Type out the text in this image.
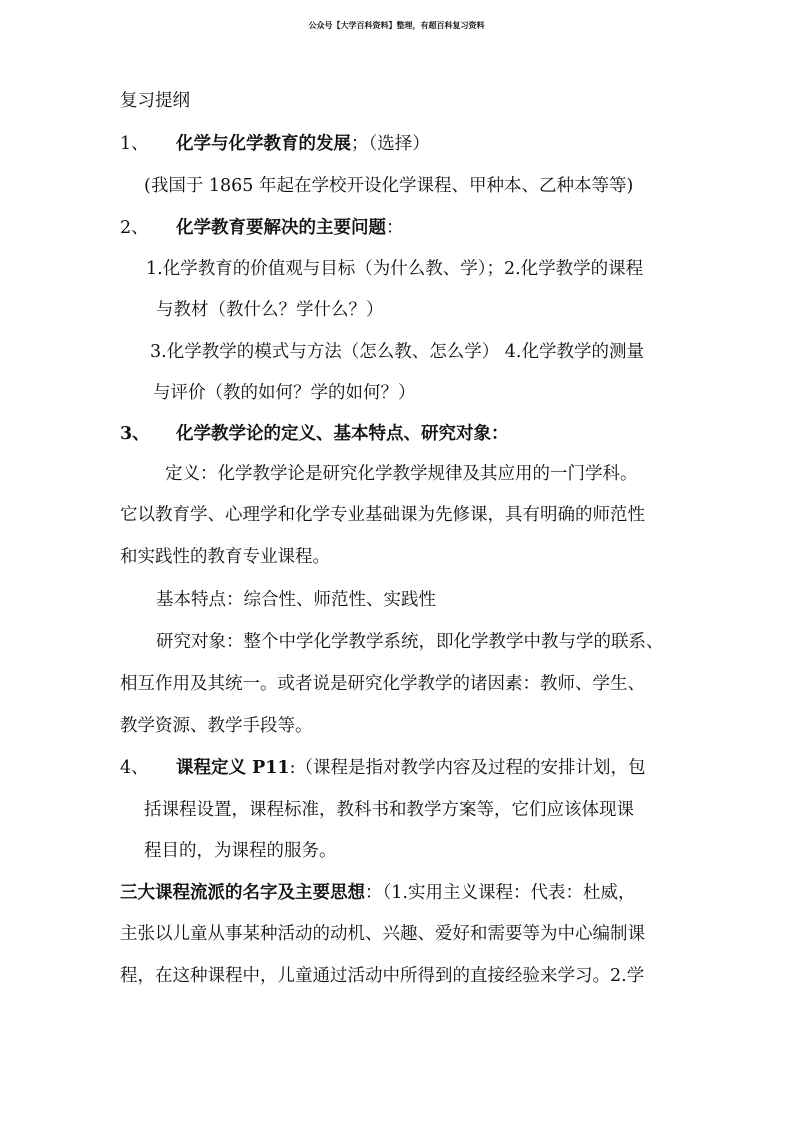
公众号【大学百科资料】整理，有超百科复习资料
复习提纲
1、 化学与化学教育的发展；（选择）
(我国于 1865 年起在学校开设化学课程、甲种本、乙种本等等)
2、 化学教育要解决的主要问题：
1.化学教育的价值观与目标（为什么教、学）；2.化学教学的课程
与教材（教什么？学什么？）
3.化学教学的模式与方法（怎么教、怎么学） 4.化学教学的测量
与评价（教的如何？学的如何？）
3、 化学教学论的定义、基本特点、研究对象：
定义：化学教学论是研究化学教学规律及其应用的一门学科。
它以教育学、心理学和化学专业基础课为先修课，具有明确的师范性
和实践性的教育专业课程。
基本特点：综合性、师范性、实践性
研究对象：整个中学化学教学系统，即化学教学中教与学的联系、
相互作用及其统一。或者说是研究化学教学的诸因素：教师、学生、
教学资源、教学手段等。
4、 课程定义 P11:（课程是指对教学内容及过程的安排计划，包
括课程设置，课程标准，教科书和教学方案等，它们应该体现课
程目的，为课程的服务。
三大课程流派的名字及主要思想：（1.实用主义课程：代表：杜威，
主张以儿童从事某种活动的动机、兴趣、爱好和需要等为中心编制课
程，在这种课程中，儿童通过活动中所得到的直接经验来学习。2.学
